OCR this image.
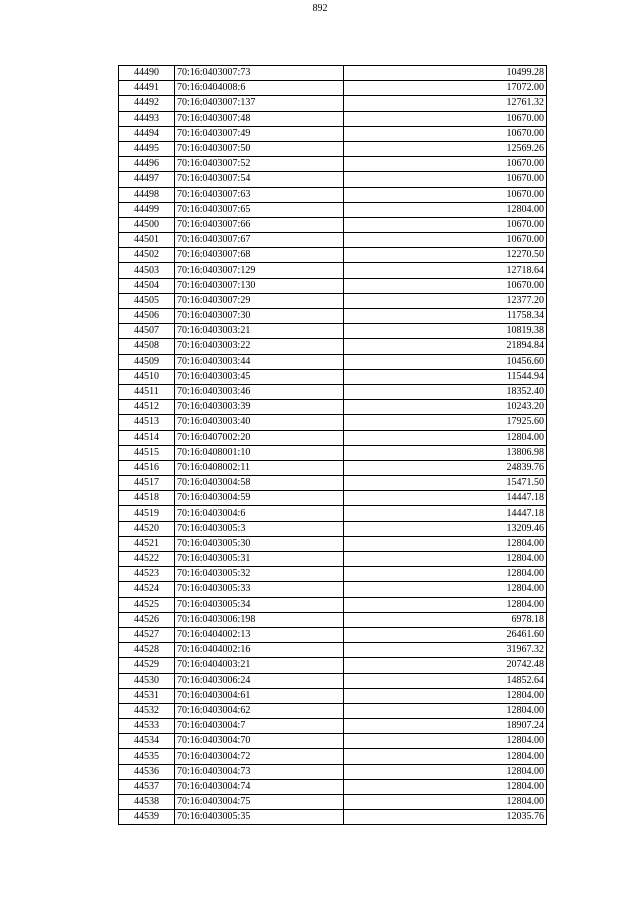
892
44490	70:16:0403007:73	10499.28
44491	70:16:0404008:6	17072.00
44492	70:16:0403007:137	12761.32
44493	70:16:0403007:48	10670.00
44494	70:16:0403007:49	10670.00
44495	70:16:0403007:50	12569.26
44496	70:16:0403007:52	10670.00
44497	70:16:0403007:54	10670.00
44498	70:16:0403007:63	10670.00
44499	70:16:0403007:65	12804.00
44500	70:16:0403007:66	10670.00
44501	70:16:0403007:67	10670.00
44502	70:16:0403007:68	12270.50
44503	70:16:0403007:129	12718.64
44504	70:16:0403007:130	10670.00
44505	70:16:0403007:29	12377.20
44506	70:16:0403007:30	11758.34
44507	70:16:0403003:21	10819.38
44508	70:16:0403003:22	21894.84
44509	70:16:0403003:44	10456.60
44510	70:16:0403003:45	11544.94
44511	70:16:0403003:46	18352.40
44512	70:16:0403003:39	10243.20
44513	70:16:0403003:40	17925.60
44514	70:16:0407002:20	12804.00
44515	70:16:0408001:10	13806.98
44516	70:16:0408002:11	24839.76
44517	70:16:0403004:58	15471.50
44518	70:16:0403004:59	14447.18
44519	70:16:0403004:6	14447.18
44520	70:16:0403005:3	13209.46
44521	70:16:0403005:30	12804.00
44522	70:16:0403005:31	12804.00
44523	70:16:0403005:32	12804.00
44524	70:16:0403005:33	12804.00
44525	70:16:0403005:34	12804.00
44526	70:16:0403006:198	6978.18
44527	70:16:0404002:13	26461.60
44528	70:16:0404002:16	31967.32
44529	70:16:0404003:21	20742.48
44530	70:16:0403006:24	14852.64
44531	70:16:0403004:61	12804.00
44532	70:16:0403004:62	12804.00
44533	70:16:0403004:7	18907.24
44534	70:16:0403004:70	12804.00
44535	70:16:0403004:72	12804.00
44536	70:16:0403004:73	12804.00
44537	70:16:0403004:74	12804.00
44538	70:16:0403004:75	12804.00
44539	70:16:0403005:35	12035.76
